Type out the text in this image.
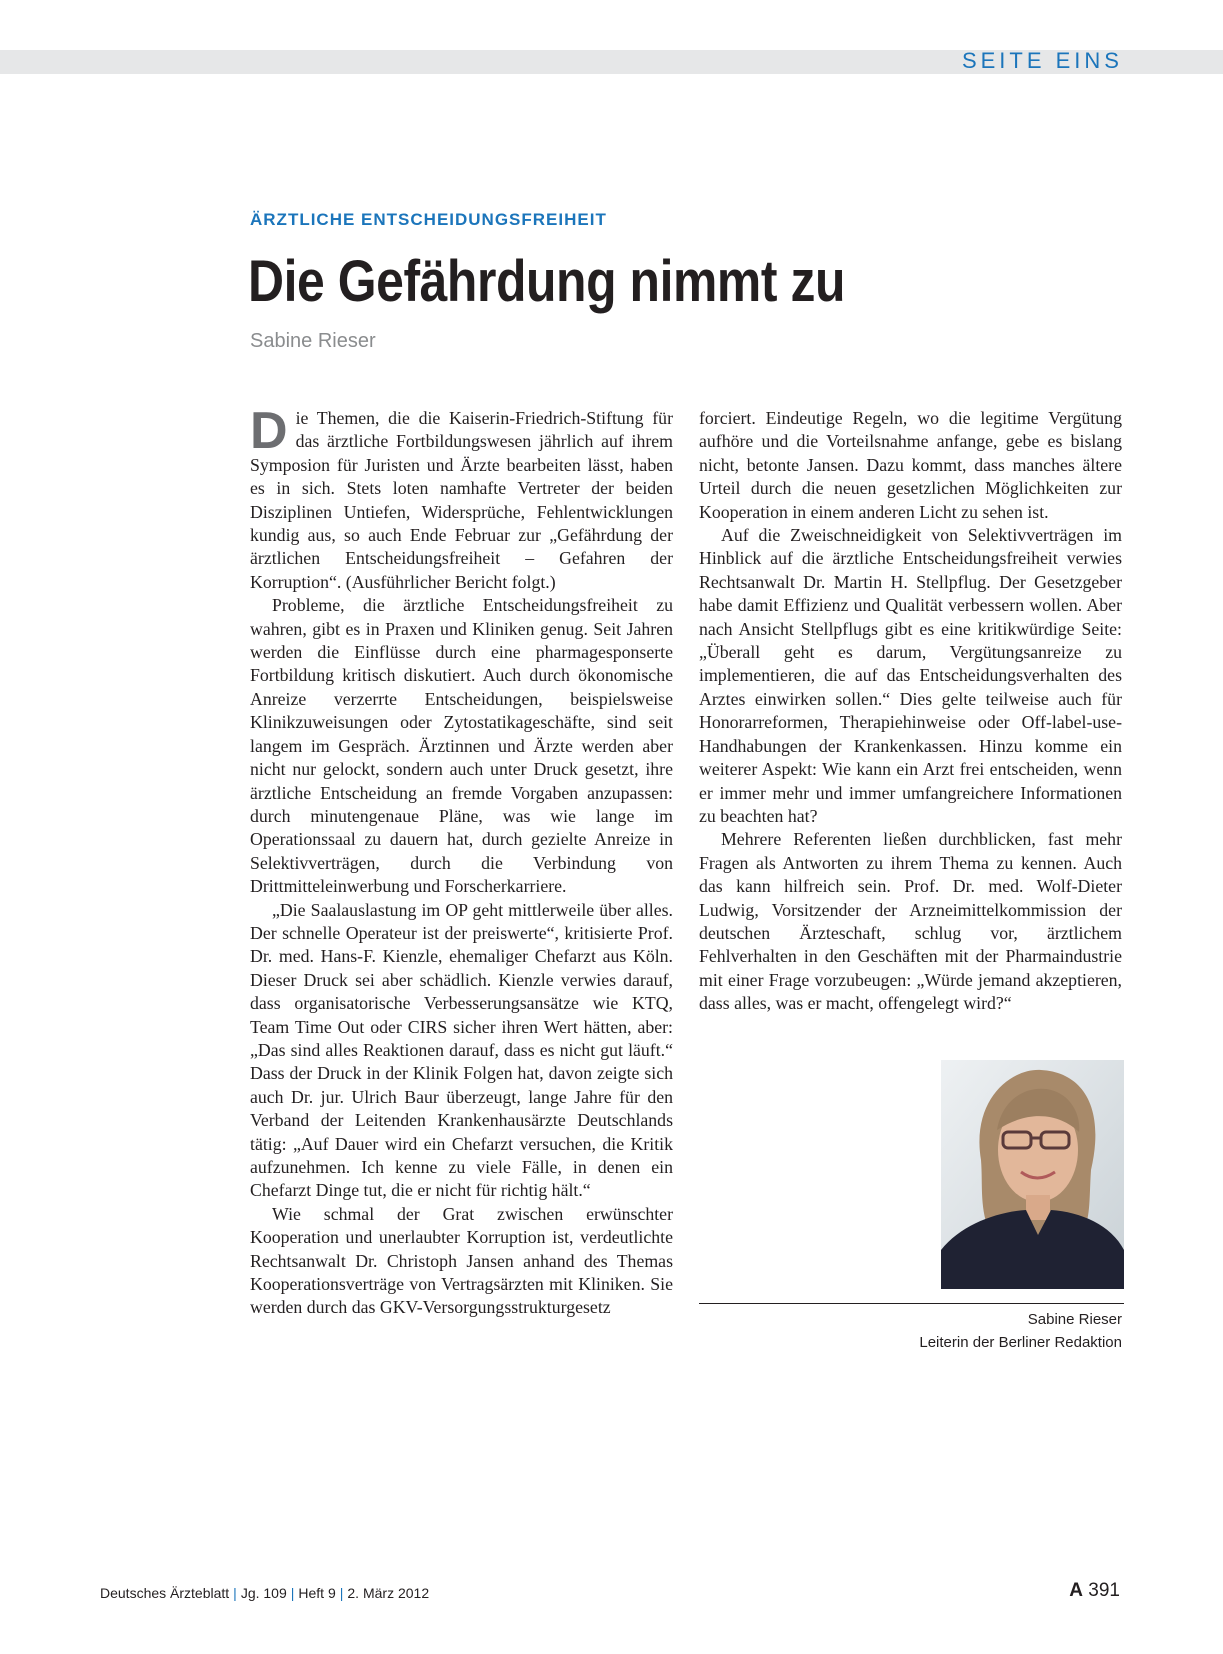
SEITE EINS
ÄRZTLICHE ENTSCHEIDUNGSFREIHEIT
Die Gefährdung nimmt zu
Sabine Rieser

Die Themen, die die Kaiserin-Friedrich-Stiftung für das ärztliche Fortbildungswesen jährlich auf ihrem Symposion für Juristen und Ärzte bearbeiten lässt, haben es in sich. Stets loten namhafte Vertreter der beiden Disziplinen Untiefen, Widersprüche, Fehlentwicklungen kundig aus, so auch Ende Februar zur „Gefährdung der ärztlichen Entscheidungsfreiheit – Gefahren der Korruption“. (Ausführlicher Bericht folgt.)

Probleme, die ärztliche Entscheidungsfreiheit zu wahren, gibt es in Praxen und Kliniken genug. Seit Jahren werden die Einflüsse durch eine pharmagesponserte Fortbildung kritisch diskutiert. Auch durch ökonomische Anreize verzerrte Entscheidungen, beispielsweise Klinikzuweisungen oder Zytostatikageschäfte, sind seit langem im Gespräch. Ärztinnen und Ärzte werden aber nicht nur gelockt, sondern auch unter Druck gesetzt, ihre ärztliche Entscheidung an fremde Vorgaben anzupassen: durch minutengenaue Pläne, was wie lange im Operationssaal zu dauern hat, durch gezielte Anreize in Selektivverträgen, durch die Verbindung von Drittmitteleinwerbung und Forscherkarriere.

„Die Saalauslastung im OP geht mittlerweile über alles. Der schnelle Operateur ist der preiswerte“, kritisierte Prof. Dr. med. Hans-F. Kienzle, ehemaliger Chefarzt aus Köln. Dieser Druck sei aber schädlich. Kienzle verwies darauf, dass organisatorische Verbesserungsansätze wie KTQ, Team Time Out oder CIRS sicher ihren Wert hätten, aber: „Das sind alles Reaktionen darauf, dass es nicht gut läuft.“ Dass der Druck in der Klinik Folgen hat, davon zeigte sich auch Dr. jur. Ulrich Baur überzeugt, lange Jahre für den Verband der Leitenden Krankenhausärzte Deutschlands tätig: „Auf Dauer wird ein Chefarzt versuchen, die Kritik aufzunehmen. Ich kenne zu viele Fälle, in denen ein Chefarzt Dinge tut, die er nicht für richtig hält.“

Wie schmal der Grat zwischen erwünschter Kooperation und unerlaubter Korruption ist, verdeutlichte Rechtsanwalt Dr. Christoph Jansen anhand des Themas Kooperationsverträge von Vertragsärzten mit Kliniken. Sie werden durch das GKV-Versorgungsstrukturgesetz

forciert. Eindeutige Regeln, wo die legitime Vergütung aufhöre und die Vorteilsnahme anfange, gebe es bislang nicht, betonte Jansen. Dazu kommt, dass manches ältere Urteil durch die neuen gesetzlichen Möglichkeiten zur Kooperation in einem anderen Licht zu sehen ist.

Auf die Zweischneidigkeit von Selektivverträgen im Hinblick auf die ärztliche Entscheidungsfreiheit verwies Rechtsanwalt Dr. Martin H. Stellpflug. Der Gesetzgeber habe damit Effizienz und Qualität verbessern wollen. Aber nach Ansicht Stellpflugs gibt es eine kritikwürdige Seite: „Überall geht es darum, Vergütungsanreize zu implementieren, die auf das Entscheidungsverhalten des Arztes einwirken sollen.“ Dies gelte teilweise auch für Honorarreformen, Therapiehinweise oder Off-label-use-Handhabungen der Krankenkassen. Hinzu komme ein weiterer Aspekt: Wie kann ein Arzt frei entscheiden, wenn er immer mehr und immer umfangreichere Informationen zu beachten hat?

Mehrere Referenten ließen durchblicken, fast mehr Fragen als Antworten zu ihrem Thema zu kennen. Auch das kann hilfreich sein. Prof. Dr. med. Wolf-Dieter Ludwig, Vorsitzender der Arzneimittelkommission der deutschen Ärzteschaft, schlug vor, ärztlichem Fehlverhalten in den Geschäften mit der Pharmaindustrie mit einer Frage vorzubeugen: „Würde jemand akzeptieren, dass alles, was er macht, offengelegt wird?“

Sabine Rieser
Leiterin der Berliner Redaktion
Deutsches Ärzteblatt | Jg. 109 | Heft 9 | 2. März 2012	A 391
